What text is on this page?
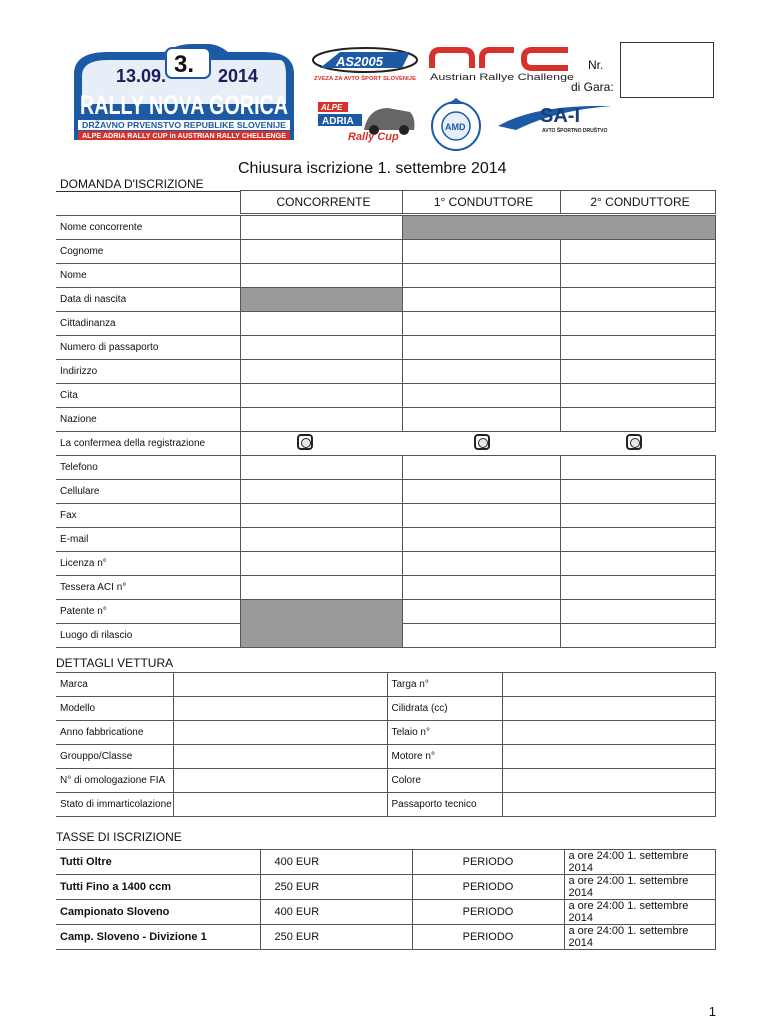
13.09. 3. 2014
RALLY NOVA GORICA
DRŽAVNO PRVENSTVO REPUBLIKE SLOVENIJE
ALPE ADRIA RALLY CUP in AUSTRIAN RALLY CHELLENGE
AS2005
ZVEZA ZA AVTO ŠPORT SLOVENIJE
arc
Austrian Rallye Challenge
ALPE
ADRIA
Rally Cup
AMD	SA-I
AVTO ŠPORTNO DRUŠTVO
Nr.
di Gara:
Chiusura iscrizione 1. settembre 2014
DOMANDA D'ISCRIZIONE
CONCORRENTE	1° CONDUTTORE	2° CONDUTTORE
Nome concorrente			
Cognome			
Nome			
Data di nascita			
Cittadinanza			
Numero di passaporto			
Indirizzo			
Cita			
Nazione			
La confermea della registrazione			
Telefono			
Cellulare			
Fax			
E-mail			
Licenza n°			
Tessera ACI n°			
Patente n°			
Luogo di rilascio			
DETTAGLI VETTURA
Marca		Targa n°	
Modello		Cilidrata (cc)	
Anno fabbricatione		Telaio n°	
Grouppo/Classe		Motore n°	
N° di omologazione FIA		Colore	
Stato di immarticolazione		Passaporto tecnico	
TASSE DI ISCRIZIONE
Tutti Oltre	400 EUR	PERIODO	a ore 24:00 1. settembre 2014
Tutti Fino a 1400 ccm	250 EUR	PERIODO	a ore 24:00 1. settembre 2014
Campionato Sloveno	400 EUR	PERIODO	a ore 24:00 1. settembre 2014
Camp. Sloveno - Divizione 1	250 EUR	PERIODO	a ore 24:00 1. settembre 2014
1
